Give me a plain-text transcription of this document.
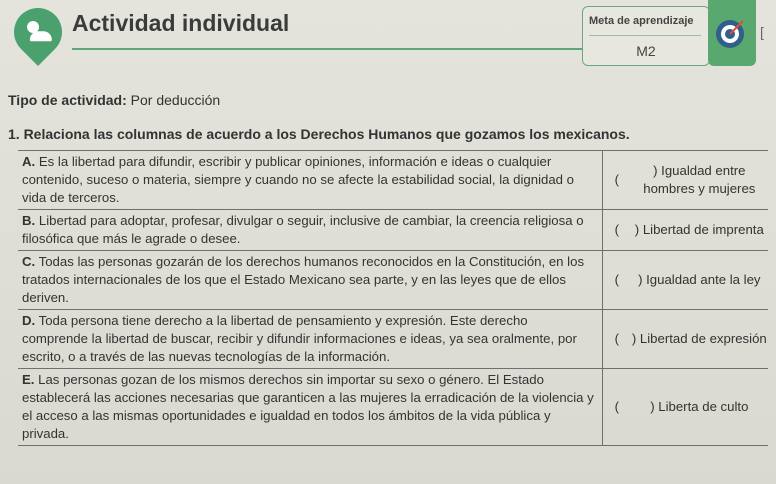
Actividad individual	Meta de aprendizaje
M2
[
Tipo de actividad: Por deducción
1. Relaciona las columnas de acuerdo a los Derechos Humanos que gozamos los mexicanos.
A. Es la libertad para difundir, escribir y publicar opiniones, información e ideas o cualquier contenido, suceso o materia, siempre y cuando no se afecte la estabilidad social, la dignidad o vida de terceros.	(	) Igualdad entre hombres y mujeres
B. Libertad para adoptar, profesar, divulgar o seguir, inclusive de cambiar, la creencia religiosa o filosófica que más le agrade o desee.	(	) Libertad de imprenta
C. Todas las personas gozarán de los derechos humanos reconocidos en la Constitución, en los tratados internacionales de los que el Estado Mexicano sea parte, y en las leyes que de ellos deriven.	(	) Igualdad ante la ley
D. Toda persona tiene derecho a la libertad de pensamiento y expresión. Este derecho comprende la libertad de buscar, recibir y difundir informaciones e ideas, ya sea oralmente, por escrito, o a través de las nuevas tecnologías de la información.	(	) Libertad de expresión
E. Las personas gozan de los mismos derechos sin importar su sexo o género. El Estado establecerá las acciones necesarias que garanticen a las mujeres la erradicación de la violencia y el acceso a las mismas oportunidades e igualdad en todos los ámbitos de la vida pública y privada.	(	) Liberta de culto
